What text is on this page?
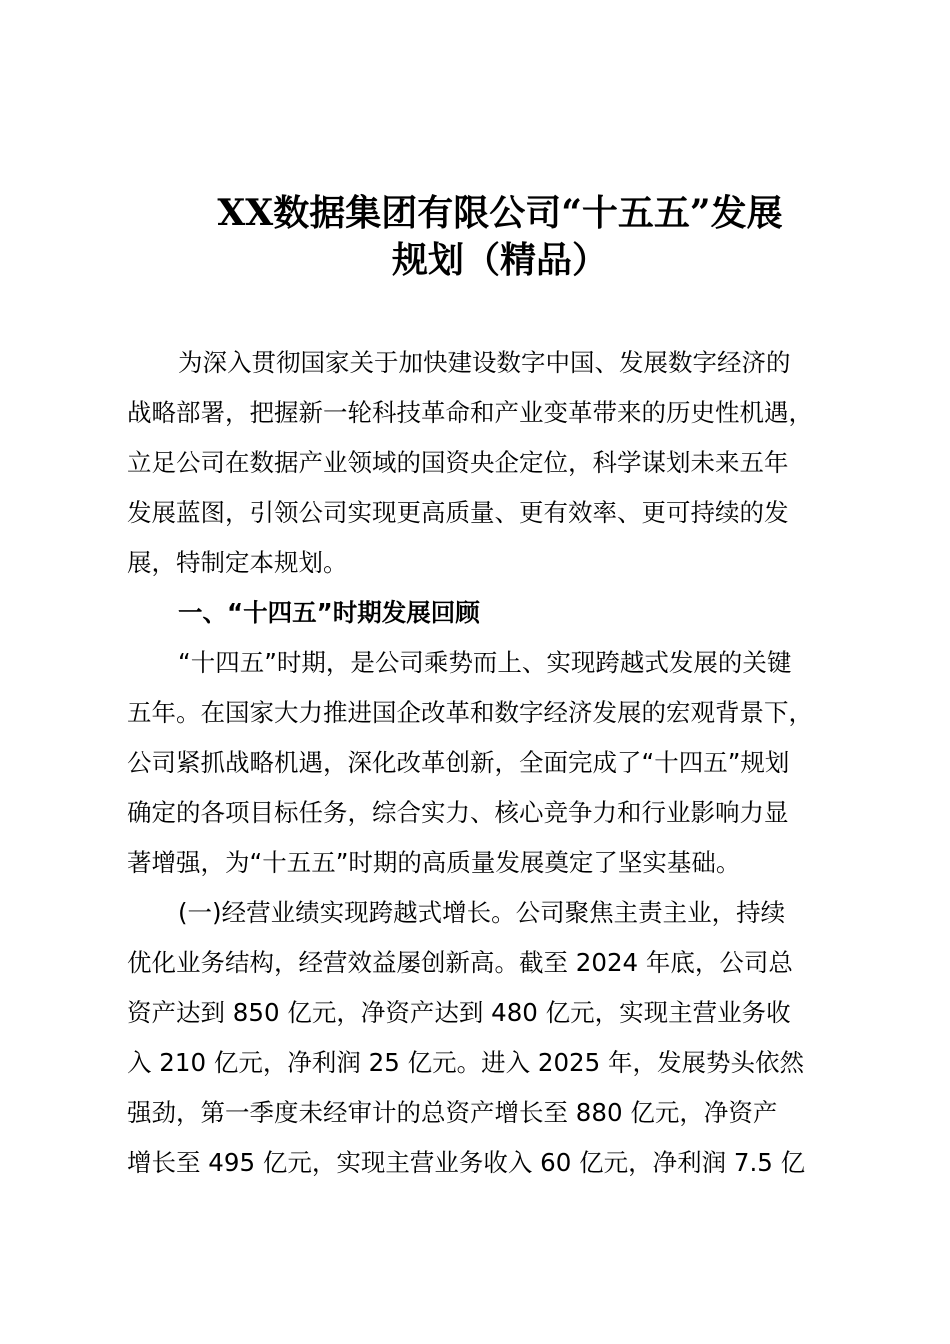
XX数据集团有限公司“十五五”发展
规划（精品）
为深入贯彻国家关于加快建设数字中国、发展数字经济的
战略部署，把握新一轮科技革命和产业变革带来的历史性机遇，
立足公司在数据产业领域的国资央企定位，科学谋划未来五年
发展蓝图，引领公司实现更高质量、更有效率、更可持续的发
展，特制定本规划。
一、“十四五”时期发展回顾
“十四五”时期，是公司乘势而上、实现跨越式发展的关键
五年。在国家大力推进国企改革和数字经济发展的宏观背景下，
公司紧抓战略机遇，深化改革创新，全面完成了“十四五”规划
确定的各项目标任务，综合实力、核心竞争力和行业影响力显
著增强，为“十五五”时期的高质量发展奠定了坚实基础。
(一)经营业绩实现跨越式增长。公司聚焦主责主业，持续
优化业务结构，经营效益屡创新高。截至 2024 年底，公司总
资产达到 850 亿元，净资产达到 480 亿元，实现主营业务收
入 210 亿元，净利润 25 亿元。进入 2025 年，发展势头依然
强劲，第一季度未经审计的总资产增长至 880 亿元，净资产
增长至 495 亿元，实现主营业务收入 60 亿元，净利润 7.5 亿
